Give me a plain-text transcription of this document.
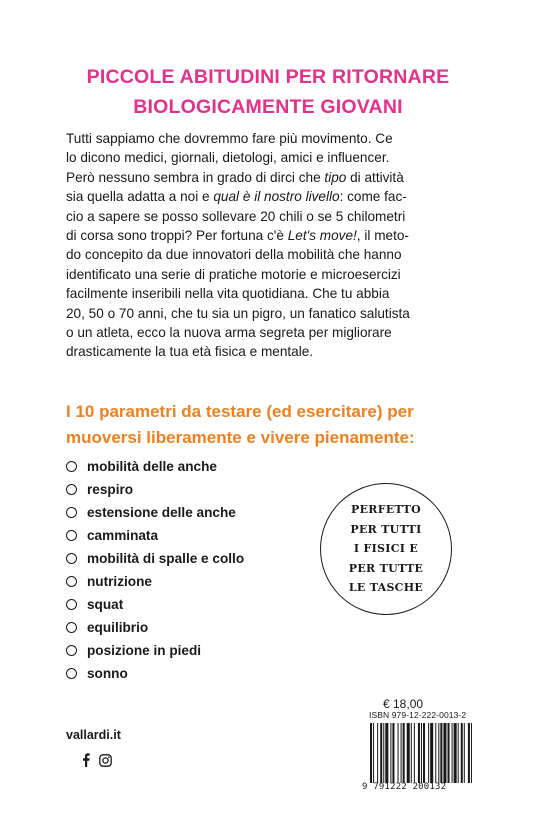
PICCOLE ABITUDINI PER RITORNARE
BIOLOGICAMENTE GIOVANI

Tutti sappiamo che dovremmo fare più movimento. Ce

lo dicono medici, giornali, dietologi, amici e influencer.

Però nessuno sembra in grado di dirci che tipo di attività

sia quella adatta a noi e qual è il nostro livello: come fac-

cio a sapere se posso sollevare 20 chili o se 5 chilometri

di corsa sono troppi? Per fortuna c'è Let's move!, il meto-

do concepito da due innovatori della mobilità che hanno

identificato una serie di pratiche motorie e microesercizi

facilmente inseribili nella vita quotidiana. Che tu abbia

20, 50 o 70 anni, che tu sia un pigro, un fanatico salutista

o un atleta, ecco la nuova arma segreta per migliorare

drasticamente la tua età fisica e mentale.

I 10 parametri da testare (ed esercitare) per
muoversi liberamente e vivere pienamente:
mobilità delle anche
respiro
estensione delle anche
camminata
mobilità di spalle e collo
nutrizione
squat
equilibrio
posizione in piedi
sonno
PERFETTO
PER TUTTI
I FISICI E
PER TUTTE
LE TASCHE
vallardi.it
€ 18,00
ISBN 979-12-222-0013-2
9 791222 200132
